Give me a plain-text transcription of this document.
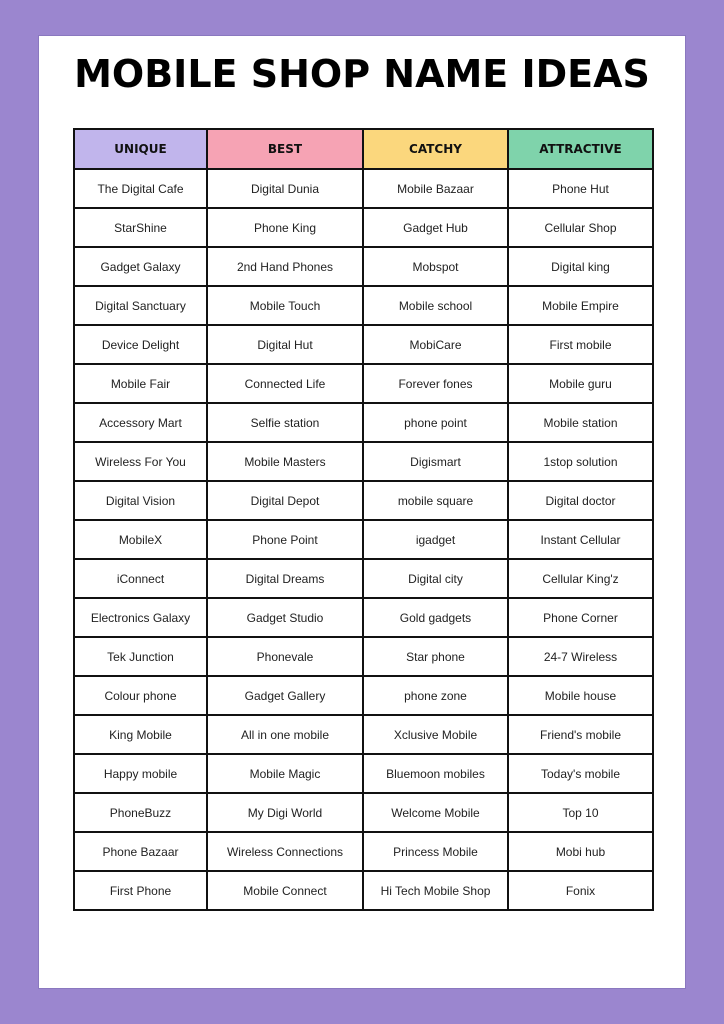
MOBILE SHOP NAME IDEAS
UNIQUE	BEST	CATCHY	ATTRACTIVE
The Digital Cafe	Digital Dunia	Mobile Bazaar	Phone Hut
StarShine	Phone King	Gadget Hub	Cellular Shop
Gadget Galaxy	2nd Hand Phones	Mobspot	Digital king
Digital Sanctuary	Mobile Touch	Mobile school	Mobile Empire
Device Delight	Digital Hut	MobiCare	First mobile
Mobile Fair	Connected Life	Forever fones	Mobile guru
Accessory Mart	Selfie station	phone point	Mobile station
Wireless For You	Mobile Masters	Digismart	1stop solution
Digital Vision	Digital Depot	mobile square	Digital doctor
MobileX	Phone Point	igadget	Instant Cellular
iConnect	Digital Dreams	Digital city	Cellular King'z
Electronics Galaxy	Gadget Studio	Gold gadgets	Phone Corner
Tek Junction	Phonevale	Star phone	24-7 Wireless
Colour phone	Gadget Gallery	phone zone	Mobile house
King Mobile	All in one mobile	Xclusive Mobile	Friend's mobile
Happy mobile	Mobile Magic	Bluemoon mobiles	Today's mobile
PhoneBuzz	My Digi World	Welcome Mobile	Top 10
Phone Bazaar	Wireless Connections	Princess Mobile	Mobi hub
First Phone	Mobile Connect	Hi Tech Mobile Shop	Fonix
